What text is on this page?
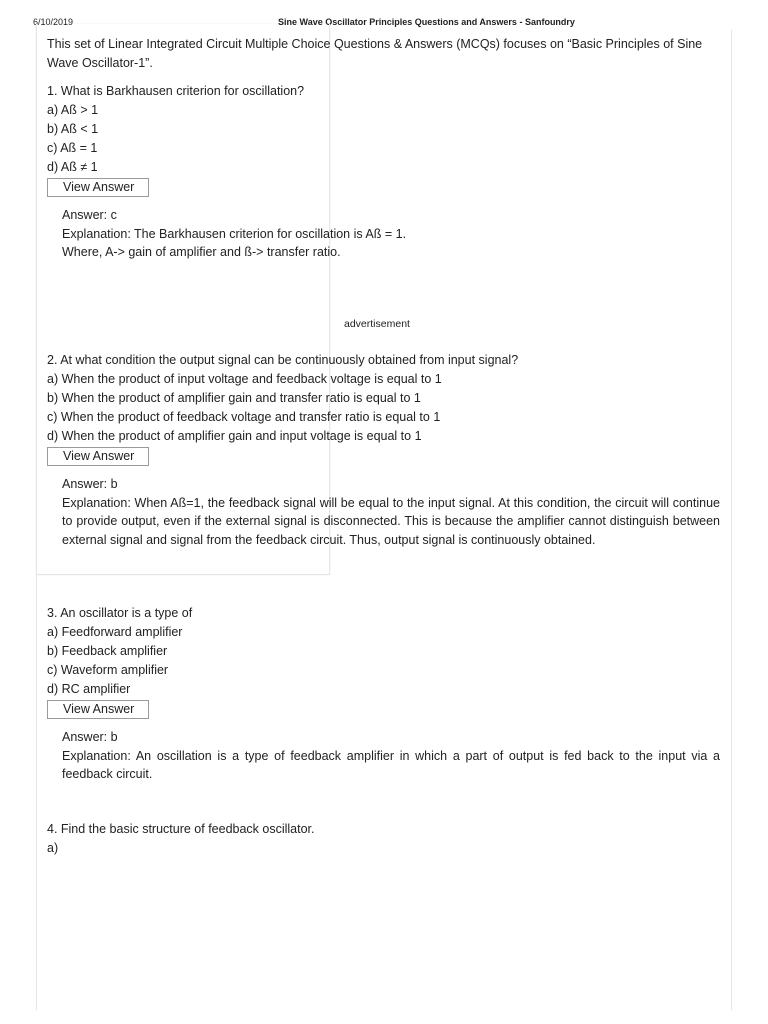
6/10/2019	Sine Wave Oscillator Principles Questions and Answers - Sanfoundry
This set of Linear Integrated Circuit Multiple Choice Questions & Answers (MCQs) focuses on “Basic Principles of Sine Wave Oscillator-1”.
1. What is Barkhausen criterion for oscillation?
a) Aß > 1
b) Aß < 1
c) Aß = 1
d) Aß ≠ 1
View Answer
Answer: c
Explanation: The Barkhausen criterion for oscillation is Aß = 1.
Where, A-> gain of amplifier and ß-> transfer ratio.
advertisement
2. At what condition the output signal can be continuously obtained from input signal?
a) When the product of input voltage and feedback voltage is equal to 1
b) When the product of amplifier gain and transfer ratio is equal to 1
c) When the product of feedback voltage and transfer ratio is equal to 1
d) When the product of amplifier gain and input voltage is equal to 1
View Answer
Answer: b
Explanation: When Aß=1, the feedback signal will be equal to the input signal. At this condition, the circuit will continue to provide output, even if the external signal is disconnected. This is because the amplifier cannot distinguish between external signal and signal from the feedback circuit. Thus, output signal is continuously obtained.
3. An oscillator is a type of
a) Feedforward amplifier
b) Feedback amplifier
c) Waveform amplifier
d) RC amplifier
View Answer
Answer: b
Explanation: An oscillation is a type of feedback amplifier in which a part of output is fed back to the input via a feedback circuit.
4. Find the basic structure of feedback oscillator.
a)
